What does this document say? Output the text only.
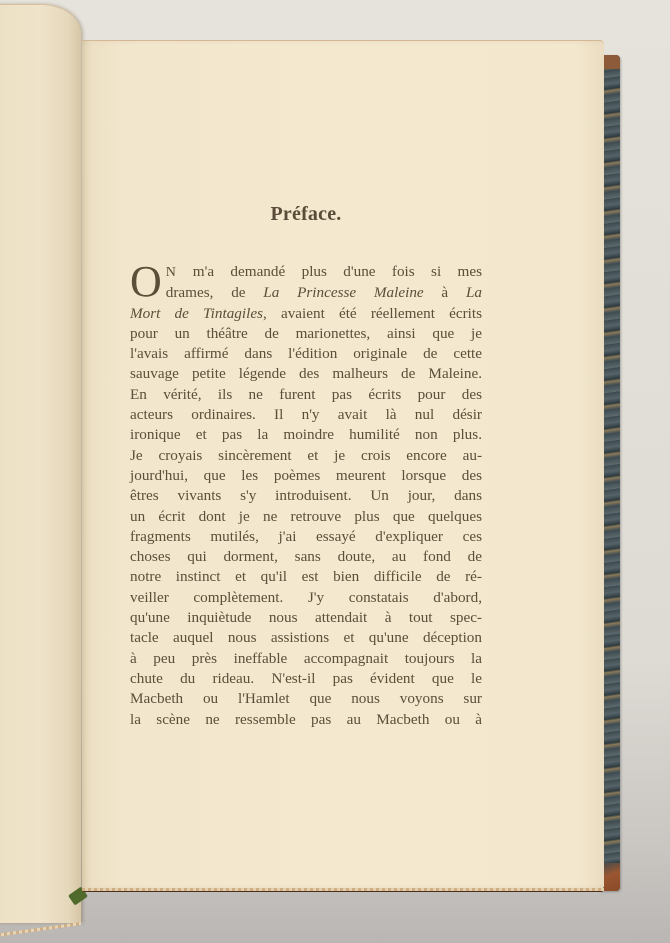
Préface.
O N m'a demandé plus d'une fois si mes
drames, de La Princesse Maleine à La
Mort de Tintagiles, avaient été réellement écrits
pour un théâtre de marionettes, ainsi que je
l'avais affirmé dans l'édition originale de cette
sauvage petite légende des malheurs de Maleine.
En vérité, ils ne furent pas écrits pour des
acteurs ordinaires. Il n'y avait là nul désir
ironique et pas la moindre humilité non plus.
Je croyais sincèrement et je crois encore au-
jourd'hui, que les poèmes meurent lorsque des
êtres vivants s'y introduisent. Un jour, dans
un écrit dont je ne retrouve plus que quelques
fragments mutilés, j'ai essayé d'expliquer ces
choses qui dorment, sans doute, au fond de
notre instinct et qu'il est bien difficile de ré-
veiller complètement. J'y constatais d'abord,
qu'une inquiètude nous attendait à tout spec-
tacle auquel nous assistions et qu'une déception
à peu près ineffable accompagnait toujours la
chute du rideau. N'est-il pas évident que le
Macbeth ou l'Hamlet que nous voyons sur
la scène ne ressemble pas au Macbeth ou à
